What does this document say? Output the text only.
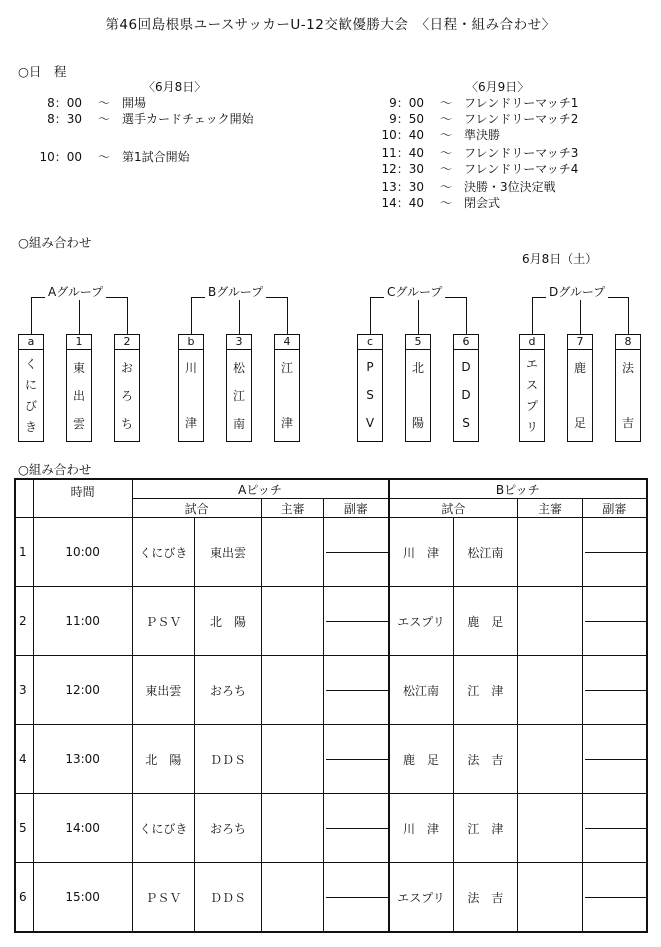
第46回島根県ユースサッカーU-12交歓優勝大会　〈日程・組み合わせ〉
○日　程
〈6月8日〉	〈6月9日〉
8：00 ～ 開場
8：30 ～ 選手カードチェック開始
10：00 ～ 第1試合開始
9：00 ～ フレンドリーマッチ1
9：50 ～ フレンドリーマッチ2
10：40 ～ 準決勝
11：40 ～ フレンドリーマッチ3
12：30 ～ フレンドリーマッチ4
13：30 ～ 決勝・3位決定戦
14：40 ～ 閉会式
○組み合わせ
6月8日（土）
Aグループ
a
く
に
び
き
1
東
出
雲
2
お
ろ
ち
Bグループ
b
川
津
3
松
江
南
4
江
津
Cグループ
c
P
S
V
5
北
陽
6
D
D
S
Dグループ
d
エ
ス
プ
リ
7
鹿
足
8
法
吉
○組み合わせ
	時間	Aピッチ				Bピッチ			
		試合		主審	副審	試合		主審	副審
1	10:00	くにびき	東出雲			川　津	松江南		

2	11:00	ＰＳＶ	北　陽			エスプリ	鹿　足		

3	12:00	東出雲	おろち			松江南	江　津		

4	13:00	北　陽	ＤＤＳ			鹿　足	法　吉		

5	14:00	くにびき	おろち			川　津	江　津		

6	15:00	ＰＳＶ	ＤＤＳ			エスプリ	法　吉		
